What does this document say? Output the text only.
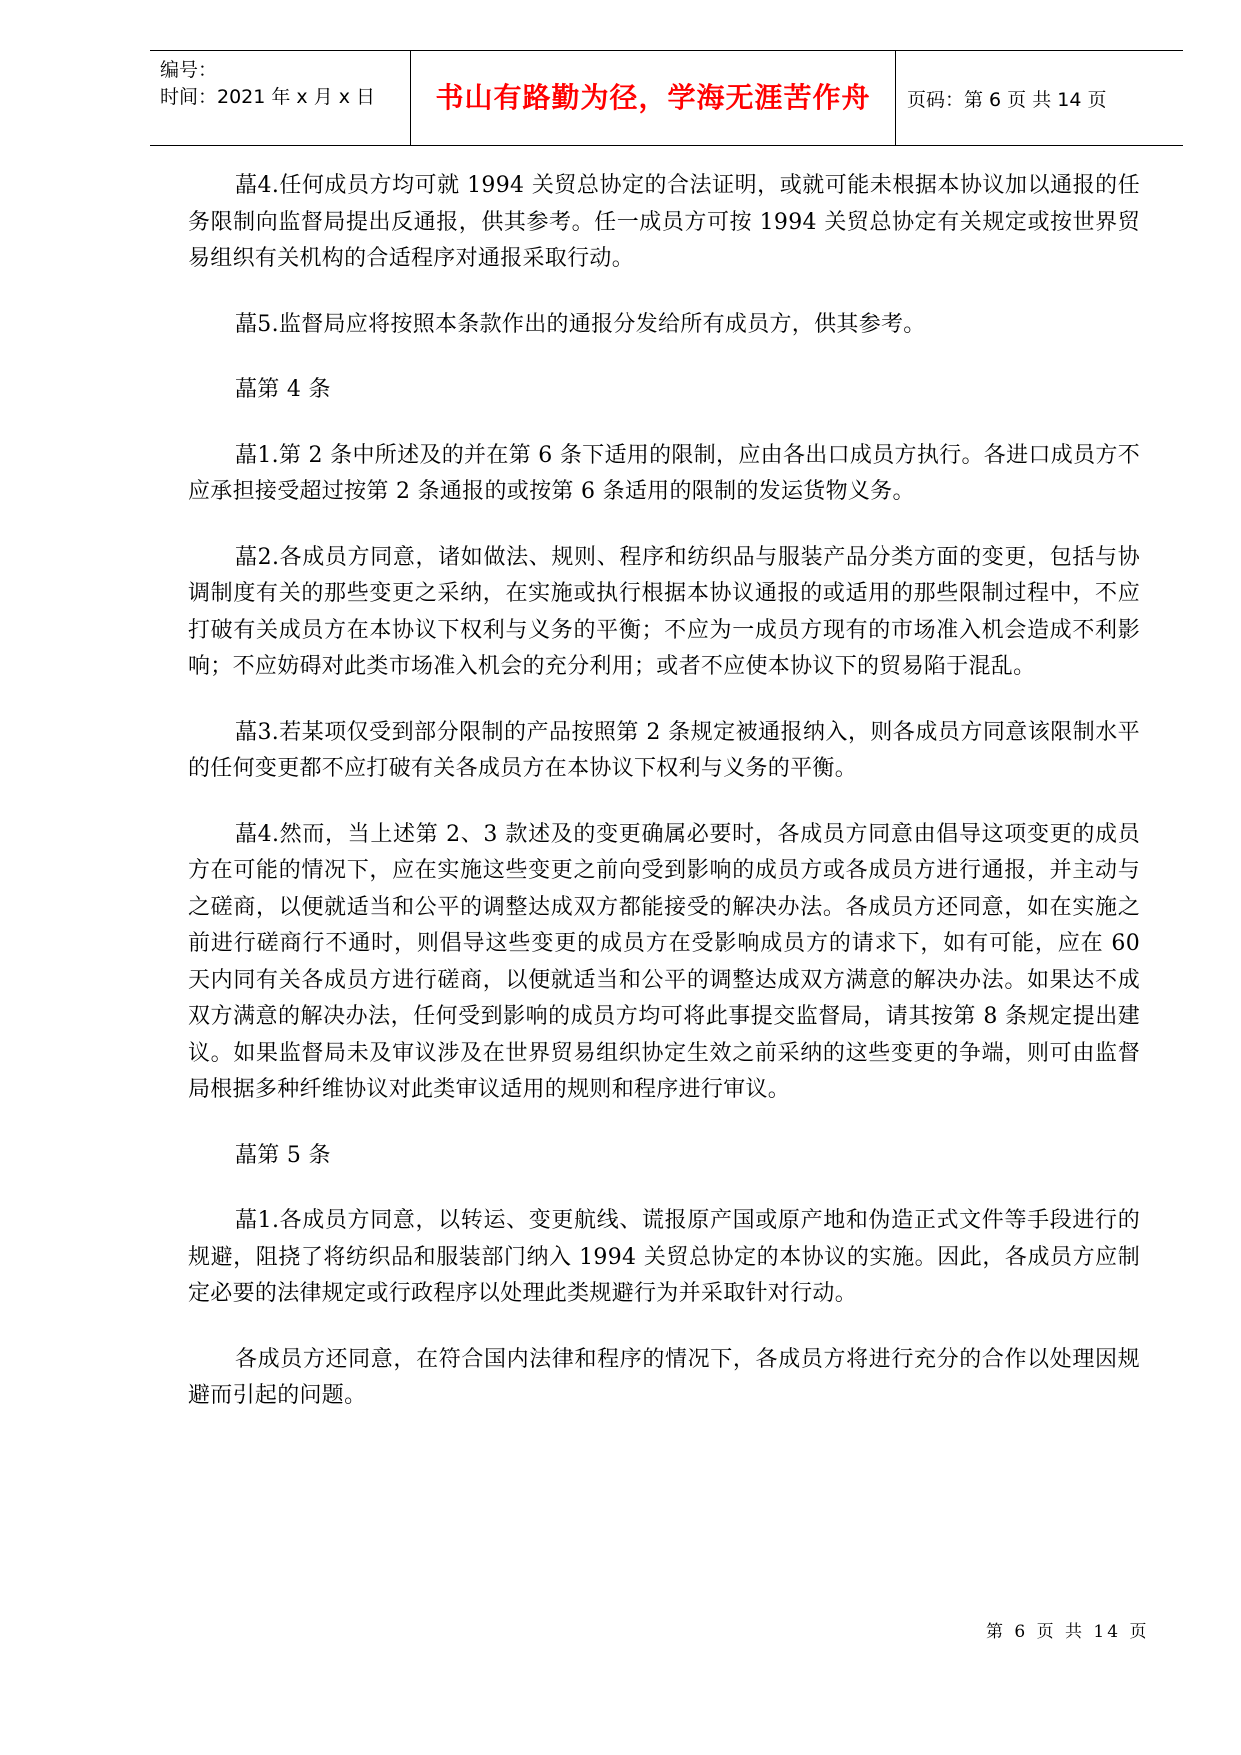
编号：
时间：2021 年 x 月 x 日	书山有路勤为径，学海无涯苦作舟	页码：第 6 页 共 14 页

蕌4.任何成员方均可就 1994 关贸总协定的合法证明，或就可能未根据本协议加以通报的任务限制向监督局提出反通报，供其参考。任一成员方可按 1994 关贸总协定有关规定或按世界贸易组织有关机构的合适程序对通报采取行动。

蕌5.监督局应将按照本条款作出的通报分发给所有成员方，供其参考。

蕌第 4 条

蕌1.第 2 条中所述及的并在第 6 条下适用的限制，应由各出口成员方执行。各进口成员方不应承担接受超过按第 2 条通报的或按第 6 条适用的限制的发运货物义务。

蕌2.各成员方同意，诸如做法、规则、程序和纺织品与服装产品分类方面的变更，包括与协调制度有关的那些变更之采纳，在实施或执行根据本协议通报的或适用的那些限制过程中，不应打破有关成员方在本协议下权利与义务的平衡；不应为一成员方现有的市场准入机会造成不利影响；不应妨碍对此类市场准入机会的充分利用；或者不应使本协议下的贸易陷于混乱。

蕌3.若某项仅受到部分限制的产品按照第 2 条规定被通报纳入，则各成员方同意该限制水平的任何变更都不应打破有关各成员方在本协议下权利与义务的平衡。

蕌4.然而，当上述第 2、3 款述及的变更确属必要时，各成员方同意由倡导这项变更的成员方在可能的情况下，应在实施这些变更之前向受到影响的成员方或各成员方进行通报，并主动与之磋商，以便就适当和公平的调整达成双方都能接受的解决办法。各成员方还同意，如在实施之前进行磋商行不通时，则倡导这些变更的成员方在受影响成员方的请求下，如有可能，应在 60 天内同有关各成员方进行磋商，以便就适当和公平的调整达成双方满意的解决办法。如果达不成双方满意的解决办法，任何受到影响的成员方均可将此事提交监督局，请其按第 8 条规定提出建议。如果监督局未及审议涉及在世界贸易组织协定生效之前采纳的这些变更的争端，则可由监督局根据多种纤维协议对此类审议适用的规则和程序进行审议。

蕌第 5 条

蕌1.各成员方同意，以转运、变更航线、谎报原产国或原产地和伪造正式文件等手段进行的规避，阻挠了将纺织品和服装部门纳入 1994 关贸总协定的本协议的实施。因此，各成员方应制定必要的法律规定或行政程序以处理此类规避行为并采取针对行动。

各成员方还同意，在符合国内法律和程序的情况下，各成员方将进行充分的合作以处理因规避而引起的问题。

第 6 页 共 14 页
